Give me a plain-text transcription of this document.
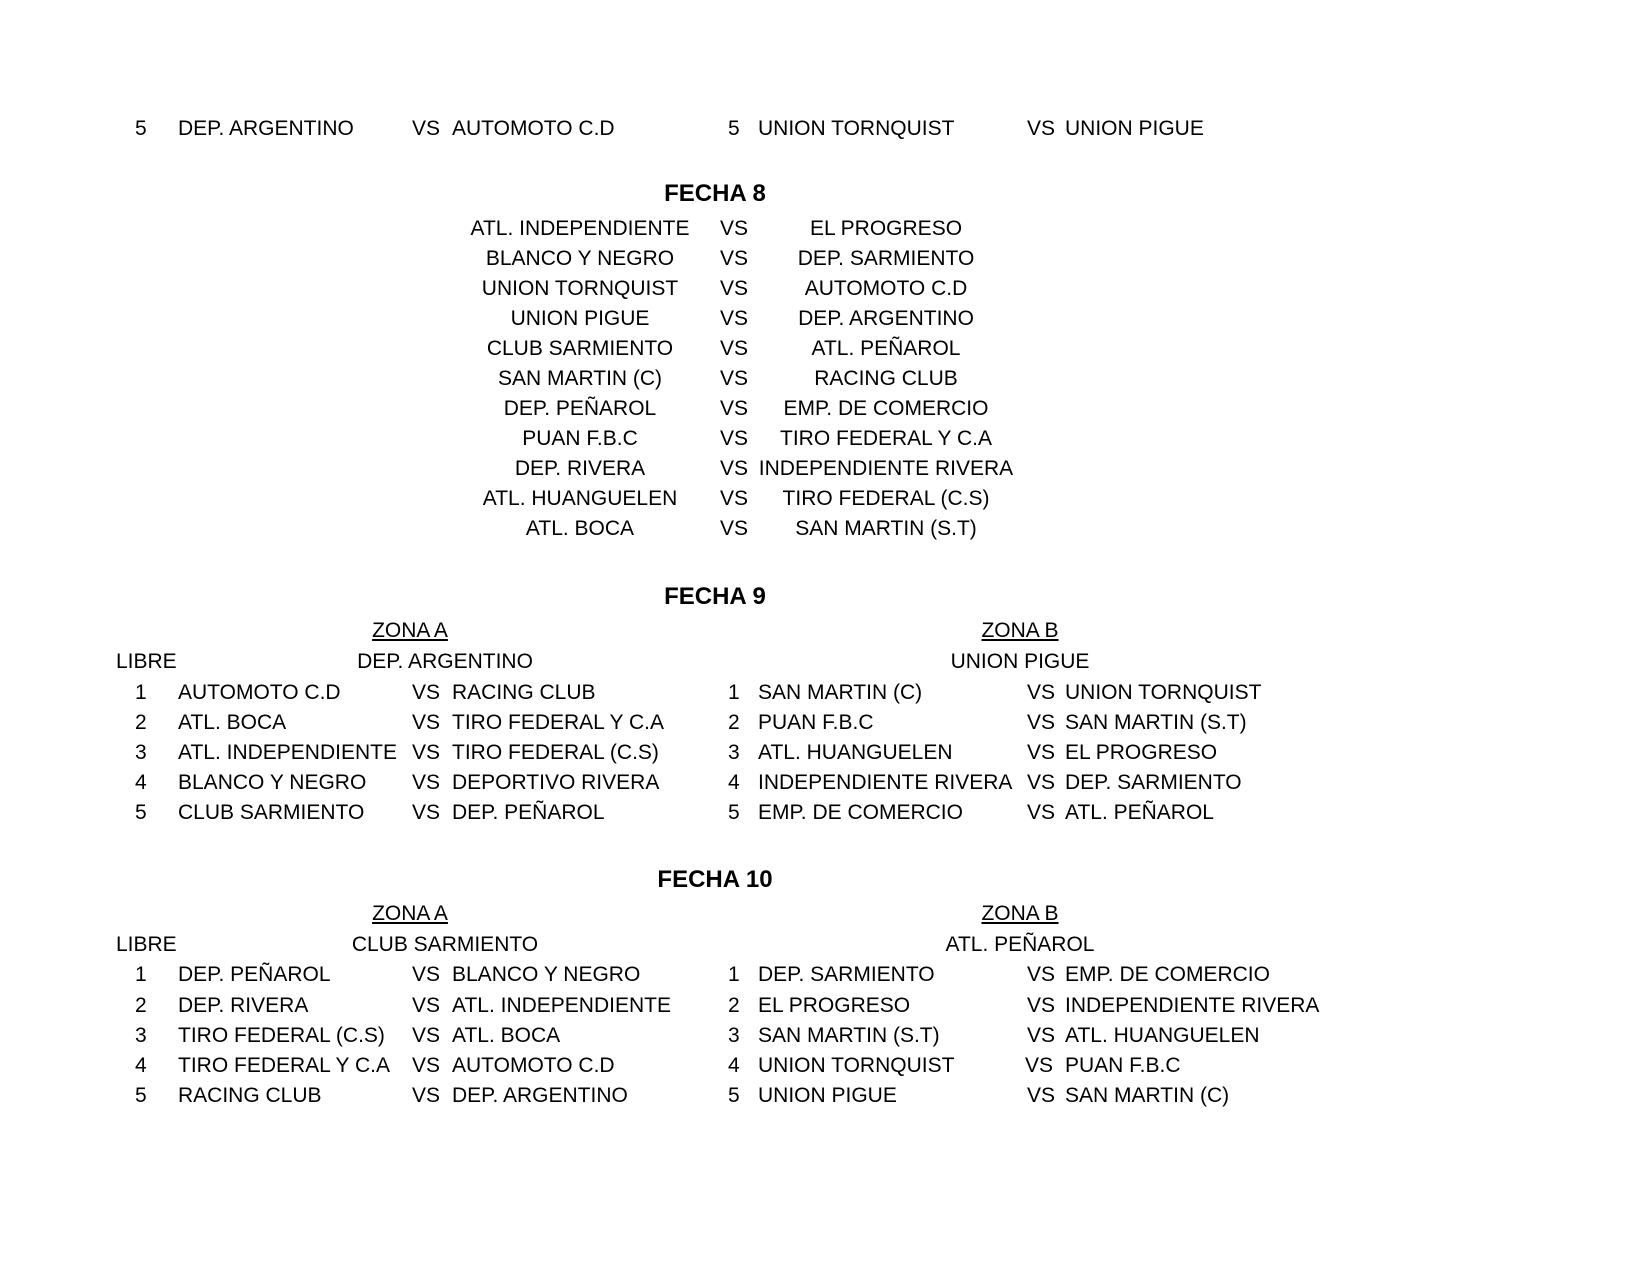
5 DEP. ARGENTINO	VS AUTOMOTO C.D	5 UNION TORNQUIST	VS UNION PIGUE
FECHA 8
ATL. INDEPENDIENTE VS	EL PROGRESO
BLANCO Y NEGRO	VS	DEP. SARMIENTO
UNION TORNQUIST	VS	AUTOMOTO C.D
UNION PIGUE	VS	DEP. ARGENTINO
CLUB SARMIENTO	VS	ATL. PEÑAROL
SAN MARTIN (C)	VS	RACING CLUB
DEP. PEÑAROL	VS	EMP. DE COMERCIO
PUAN F.B.C	VS	TIRO FEDERAL Y C.A
DEP. RIVERA	VS INDEPENDIENTE RIVERA
ATL. HUANGUELEN	VS	TIRO FEDERAL (C.S)
ATL. BOCA	VS	SAN MARTIN (S.T)
FECHA 9
ZONA A	ZONA B
LIBRE	DEP. ARGENTINO	UNION PIGUE
1 AUTOMOTO C.D	VS RACING CLUB
2 ATL. BOCA	VS TIRO FEDERAL Y C.A
3 ATL. INDEPENDIENTE VS TIRO FEDERAL (C.S)
4 BLANCO Y NEGRO VS DEPORTIVO RIVERA
5 CLUB SARMIENTO VS DEP. PEÑAROL
1 SAN MARTIN (C)	VS UNION TORNQUIST
2 PUAN F.B.C	VS SAN MARTIN (S.T)
3 ATL. HUANGUELEN	VS EL PROGRESO
4 INDEPENDIENTE RIVERA VS DEP. SARMIENTO
5 EMP. DE COMERCIO	VS ATL. PEÑAROL
FECHA 10
ZONA A	ZONA B
LIBRE	CLUB SARMIENTO	ATL. PEÑAROL
1 DEP. PEÑAROL	VS BLANCO Y NEGRO
2 DEP. RIVERA	VS ATL. INDEPENDIENTE
3 TIRO FEDERAL (C.S) VS ATL. BOCA
4 TIRO FEDERAL Y C.A VS AUTOMOTO C.D
5 RACING CLUB	VS DEP. ARGENTINO
1 DEP. SARMIENTO	VS EMP. DE COMERCIO
2 EL PROGRESO	VS INDEPENDIENTE RIVERA
3 SAN MARTIN (S.T)	VS ATL. HUANGUELEN
4 UNION TORNQUIST	VS PUAN F.B.C
5 UNION PIGUE	VS SAN MARTIN (C)
